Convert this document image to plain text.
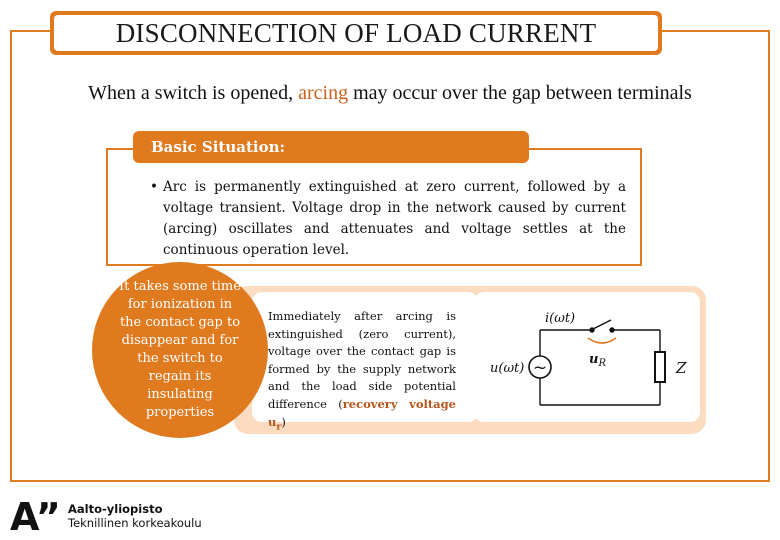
DISCONNECTION OF LOAD CURRENT
When a switch is opened, arcing may occur over the gap between terminals
Basic Situation:
• Arc is permanently extinguished at zero current, followed by a voltage transient. Voltage drop in the network caused by current (arcing) oscillates and attenuates and voltage settles at the continuous operation level.
Immediately after arcing is extinguished (zero current), voltage over the contact gap is formed by the supply network and the load side potential difference (recovery voltage $u_r$)
~
i(ωt)
u(ωt)
$u_R$	Z
It takes some time for ionization in the contact gap to disappear and for the switch to regain its insulating properties
A” Aalto-yliopisto
Teknillinen korkeakoulu
